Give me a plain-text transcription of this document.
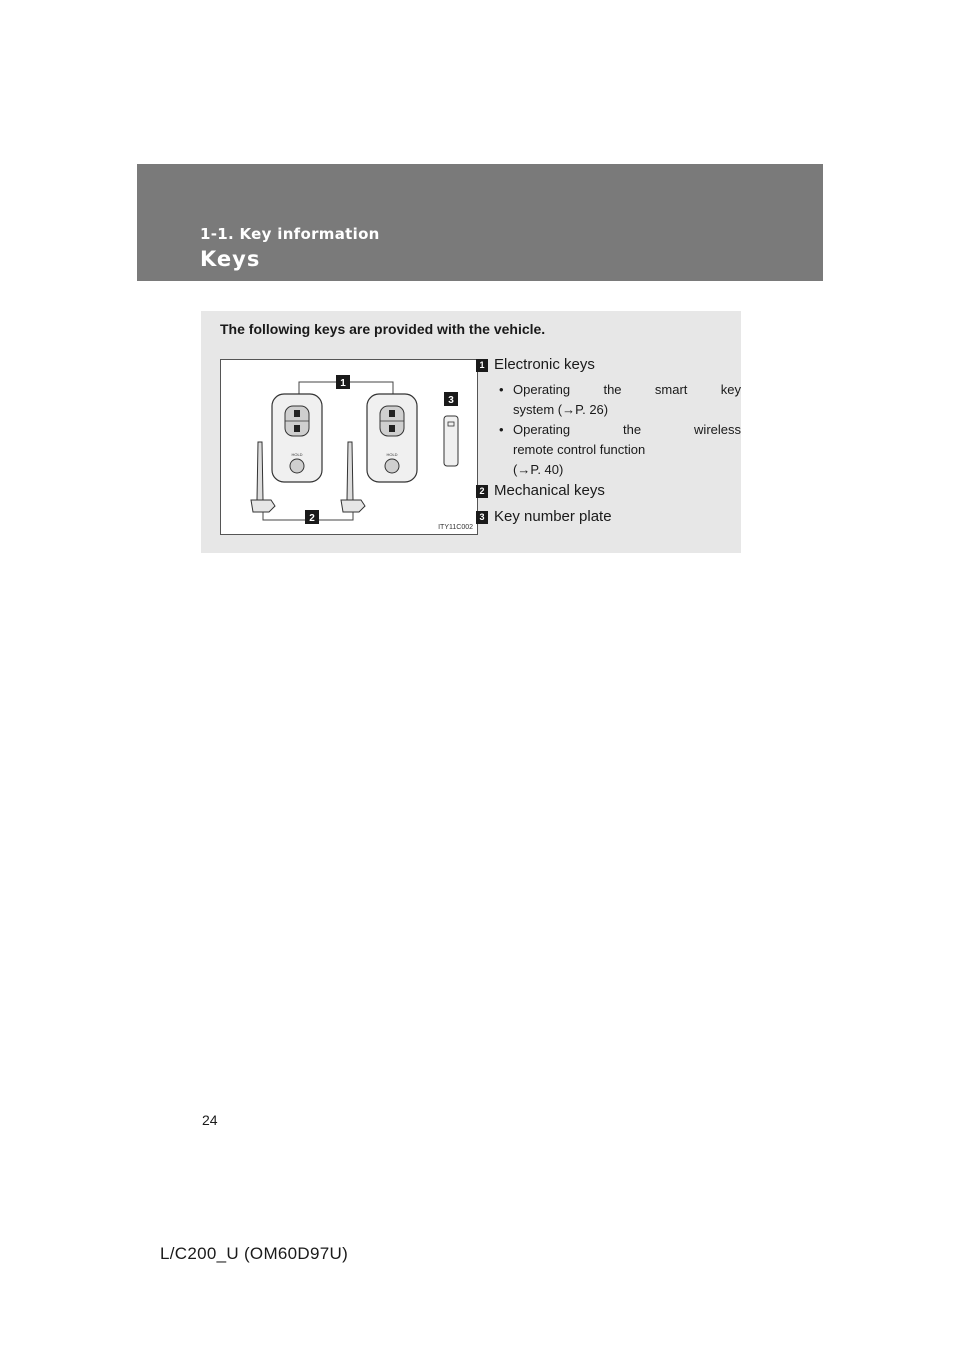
1-1. Key information
Keys
The following keys are provided with the vehicle.
1
HOLD	HOLD
2
3
ITY11C002
1 Electronic keys
• Operating the smart key
system (→P. 26)
• Operating the wireless
remote control function
(→P. 40)
2 Mechanical keys
3 Key number plate
24
L/C200_U (OM60D97U)
